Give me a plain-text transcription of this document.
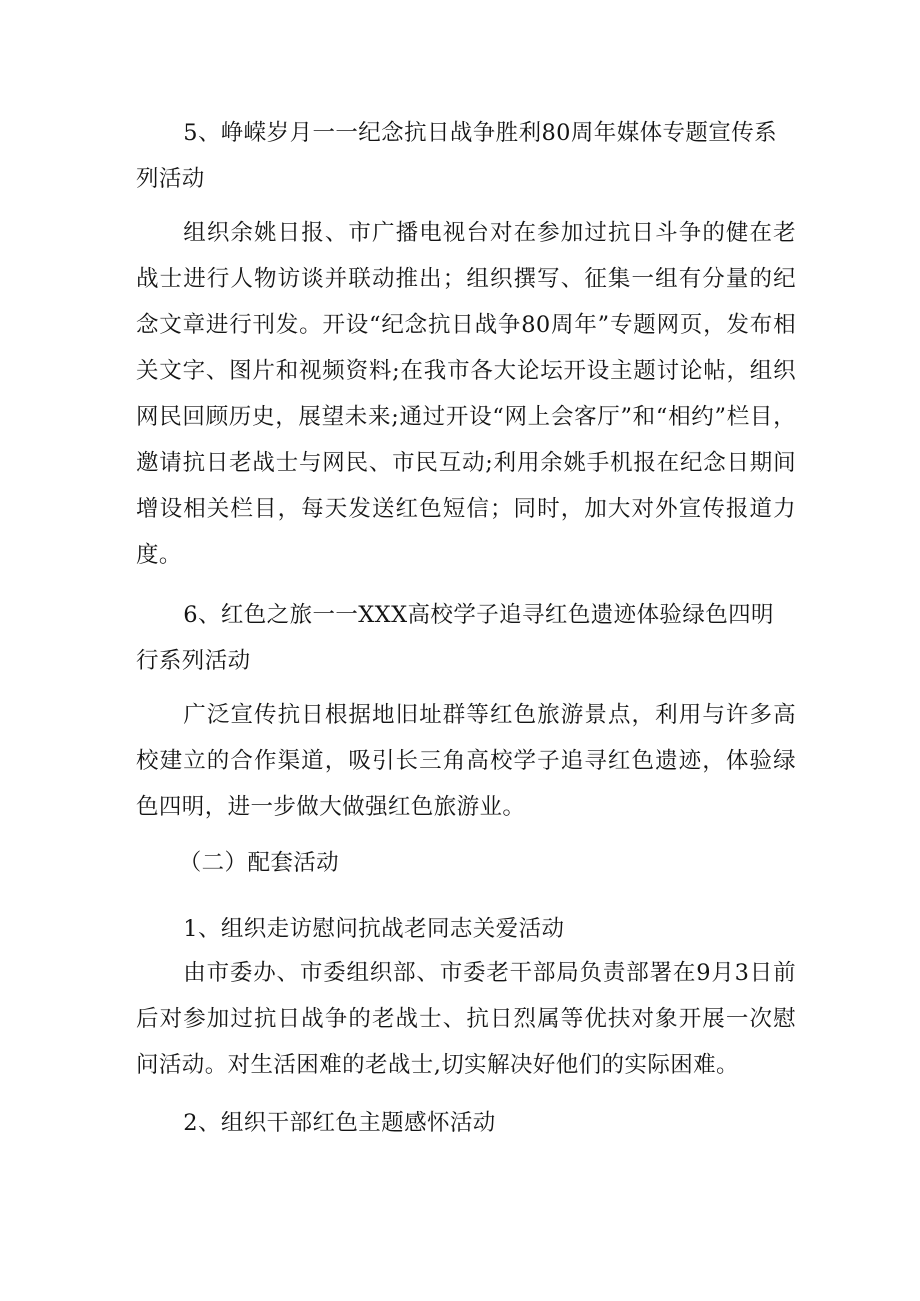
5、峥嵘岁月一一纪念抗日战争胜利80周年媒体专题宣传系列活动

组织余姚日报、市广播电视台对在参加过抗日斗争的健在老战士进行人物访谈并联动推出；组织撰写、征集一组有分量的纪念文章进行刊发。开设“纪念抗日战争80周年”专题网页，发布相关文字、图片和视频资料;在我市各大论坛开设主题讨论帖，组织网民回顾历史，展望未来;通过开设“网上会客厅”和“相约”栏目，邀请抗日老战士与网民、市民互动;利用余姚手机报在纪念日期间增设相关栏目，每天发送红色短信；同时，加大对外宣传报道力度。

6、红色之旅一一XXX高校学子追寻红色遗迹体验绿色四明行系列活动

广泛宣传抗日根据地旧址群等红色旅游景点，利用与许多高校建立的合作渠道，吸引长三角高校学子追寻红色遗迹，体验绿色四明，进一步做大做强红色旅游业。

（二）配套活动

1、组织走访慰问抗战老同志关爱活动

由市委办、市委组织部、市委老干部局负责部署在9月3日前后对参加过抗日战争的老战士、抗日烈属等优扶对象开展一次慰问活动。对生活困难的老战士,切实解决好他们的实际困难。

2、组织干部红色主题感怀活动
